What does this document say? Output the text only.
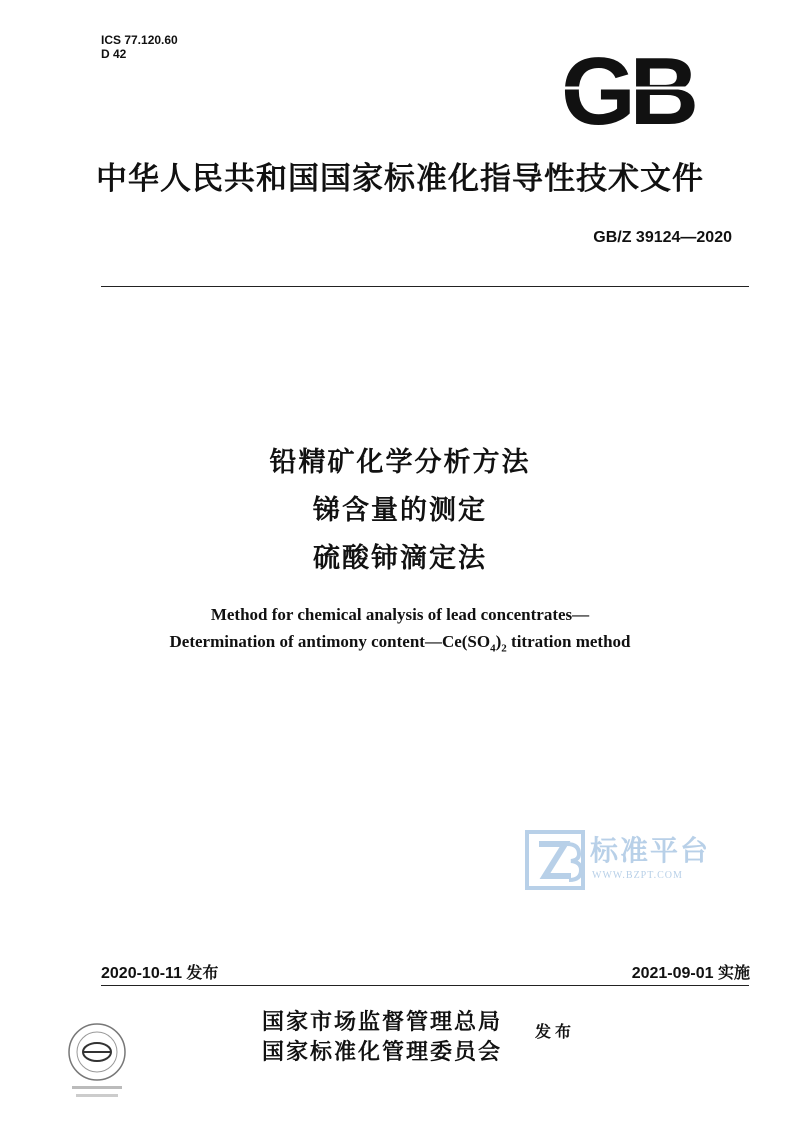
ICS 77.120.60
D 42	GB
中华人民共和国国家标准化指导性技术文件
GB/Z 39124—2020
铅精矿化学分析方法
锑含量的测定
硫酸铈滴定法
Method for chemical analysis of lead concentrates—
Determination of antimony $content—Ce(SO_4)_2$ titration method
标准平台
WWW.BZPT.COM
2020-10-11 发布	2021-09-01 实施
国家市场监督管理总局
国家标准化管理委员会
发布
